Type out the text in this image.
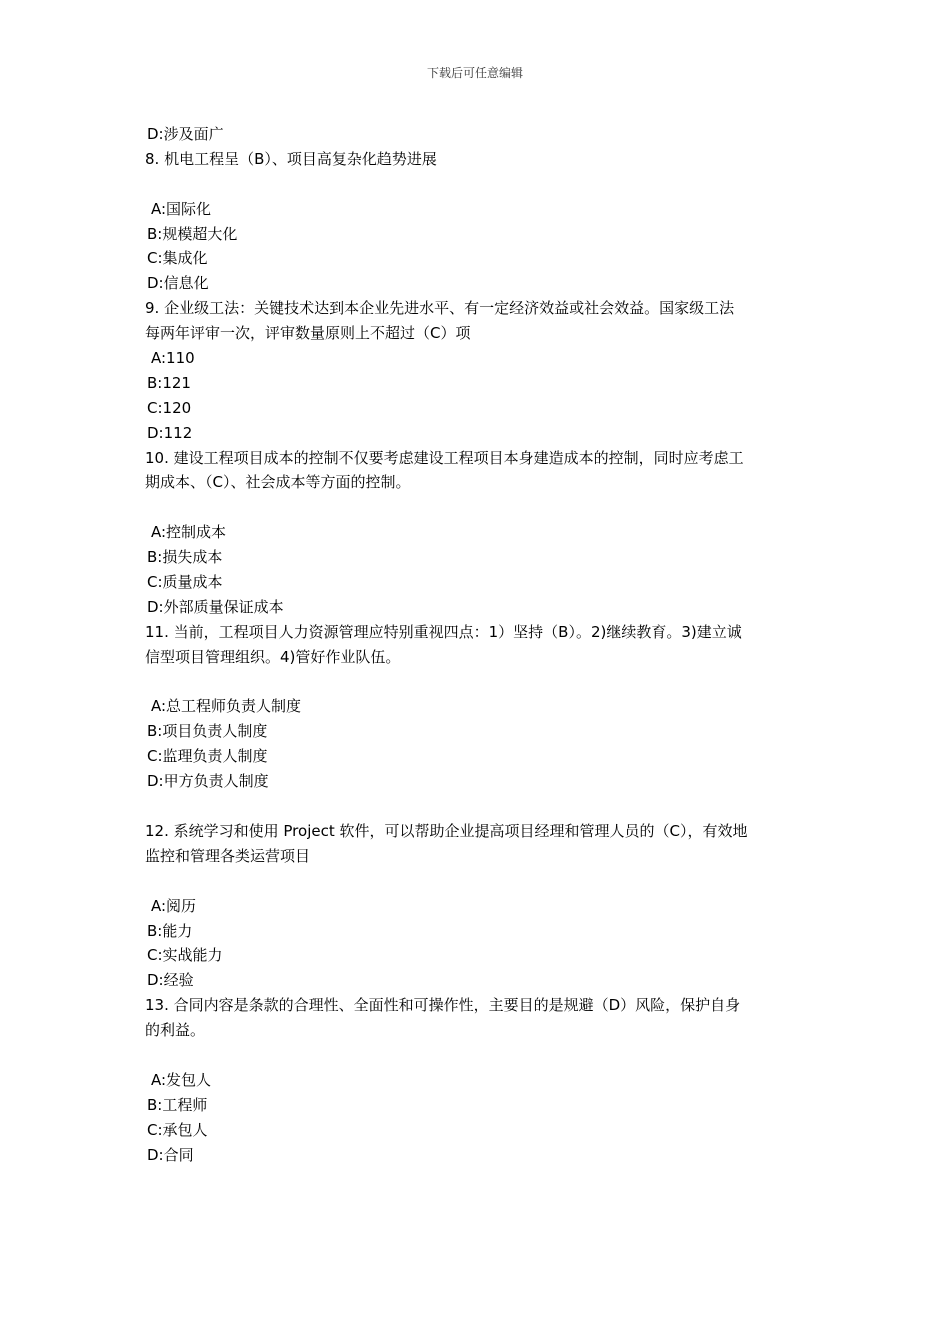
下载后可任意编辑
D:涉及面广
8. 机电工程呈（B）、项目高复杂化趋势进展
A:国际化
B:规模超大化
C:集成化
D:信息化
9. 企业级工法：关键技术达到本企业先进水平、有一定经济效益或社会效益。国家级工法
每两年评审一次，评审数量原则上不超过（C）项
A:110
B:121
C:120
D:112
10. 建设工程项目成本的控制不仅要考虑建设工程项目本身建造成本的控制，同时应考虑工
期成本、（C）、社会成本等方面的控制。
A:控制成本
B:损失成本
C:质量成本
D:外部质量保证成本
11. 当前，工程项目人力资源管理应特别重视四点：1）坚持（B）。2)继续教育。3)建立诚
信型项目管理组织。4)管好作业队伍。
A:总工程师负责人制度
B:项目负责人制度
C:监理负责人制度
D:甲方负责人制度
12. 系统学习和使用 Project 软件，可以帮助企业提高项目经理和管理人员的（C），有效地
监控和管理各类运营项目
A:阅历
B:能力
C:实战能力
D:经验
13. 合同内容是条款的合理性、全面性和可操作性，主要目的是规避（D）风险，保护自身
的利益。
A:发包人
B:工程师
C:承包人
D:合同
